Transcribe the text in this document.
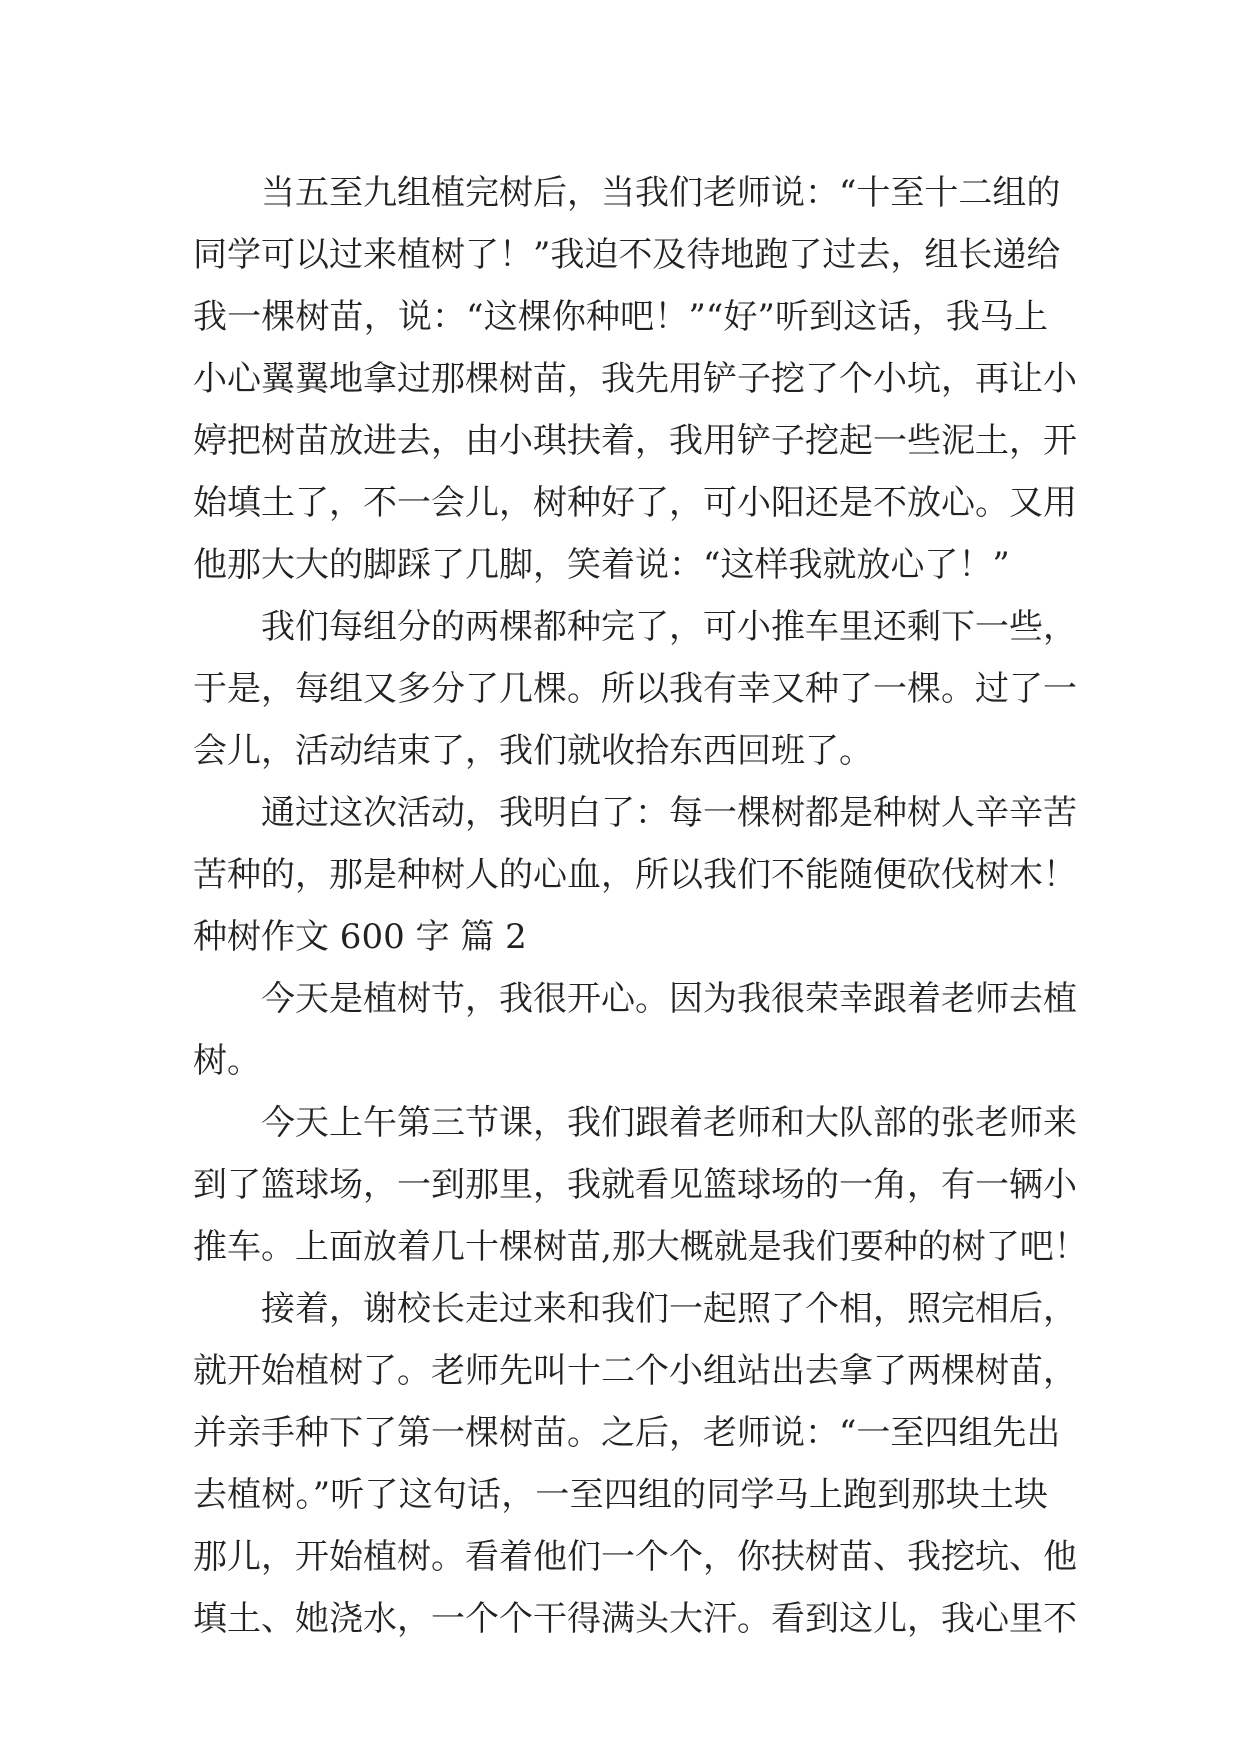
当五至九组植完树后，当我们老师说：“十至十二组的
同学可以过来植树了！”我迫不及待地跑了过去，组长递给
我一棵树苗，说：“这棵你种吧！”“好”听到这话，我马上
小心翼翼地拿过那棵树苗，我先用铲子挖了个小坑，再让小
婷把树苗放进去，由小琪扶着，我用铲子挖起一些泥土，开
始填土了，不一会儿，树种好了，可小阳还是不放心。又用
他那大大的脚踩了几脚，笑着说：“这样我就放心了！”

我们每组分的两棵都种完了，可小推车里还剩下一些，
于是，每组又多分了几棵。所以我有幸又种了一棵。过了一
会儿，活动结束了，我们就收拾东西回班了。

通过这次活动，我明白了：每一棵树都是种树人辛辛苦
苦种的，那是种树人的心血，所以我们不能随便砍伐树木！

种树作文 600 字 篇 2

今天是植树节，我很开心。因为我很荣幸跟着老师去植
树。

今天上午第三节课，我们跟着老师和大队部的张老师来
到了篮球场，一到那里，我就看见篮球场的一角，有一辆小
推车。上面放着几十棵树苗,那大概就是我们要种的树了吧！

接着，谢校长走过来和我们一起照了个相，照完相后，
就开始植树了。老师先叫十二个小组站出去拿了两棵树苗，
并亲手种下了第一棵树苗。之后，老师说：“一至四组先出
去植树。”听了这句话，一至四组的同学马上跑到那块土块
那儿，开始植树。看着他们一个个，你扶树苗、我挖坑、他
填土、她浇水，一个个干得满头大汗。看到这儿，我心里不
